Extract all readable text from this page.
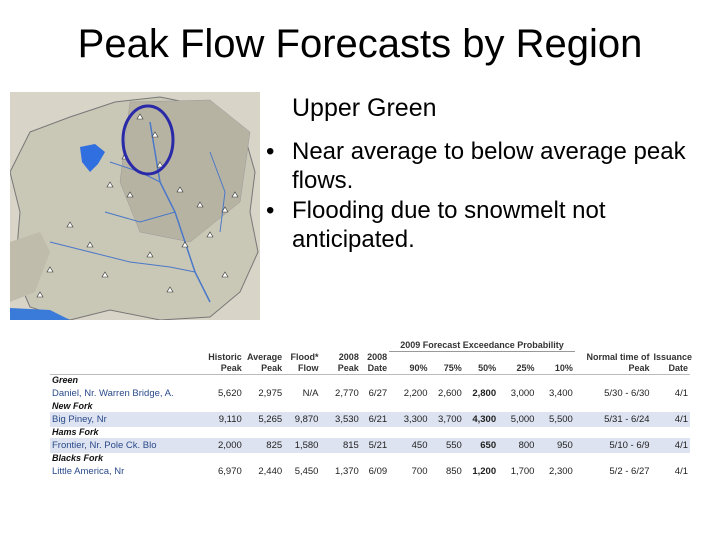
Peak Flow Forecasts by Region
Upper Green
• Near average to below average peak flows.
• Flooding due to snowmelt not anticipated.
						2009 Forecast Exceedance Probability						
	Historic Peak	Average Peak	Flood* Flow	2008 Peak	2008 Date	90%	75%	50%	25%	10%	Normal time of Peak	Issuance Date
Green												
Daniel, Nr. Warren Bridge, A.	5,620	2,975	N/A	2,770	6/27	2,200	2,600	2,800	3,000	3,400	5/30 - 6/30	4/1
New Fork												
Big Piney, Nr	9,110	5,265	9,870	3,530	6/21	3,300	3,700	4,300	5,000	5,500	5/31 - 6/24	4/1
Hams Fork												
Frontier, Nr. Pole Ck. Blo	2,000	825	1,580	815	5/21	450	550	650	800	950	5/10 - 6/9	4/1
Blacks Fork												
Little America, Nr	6,970	2,440	5,450	1,370	6/09	700	850	1,200	1,700	2,300	5/2 - 6/27	4/1
